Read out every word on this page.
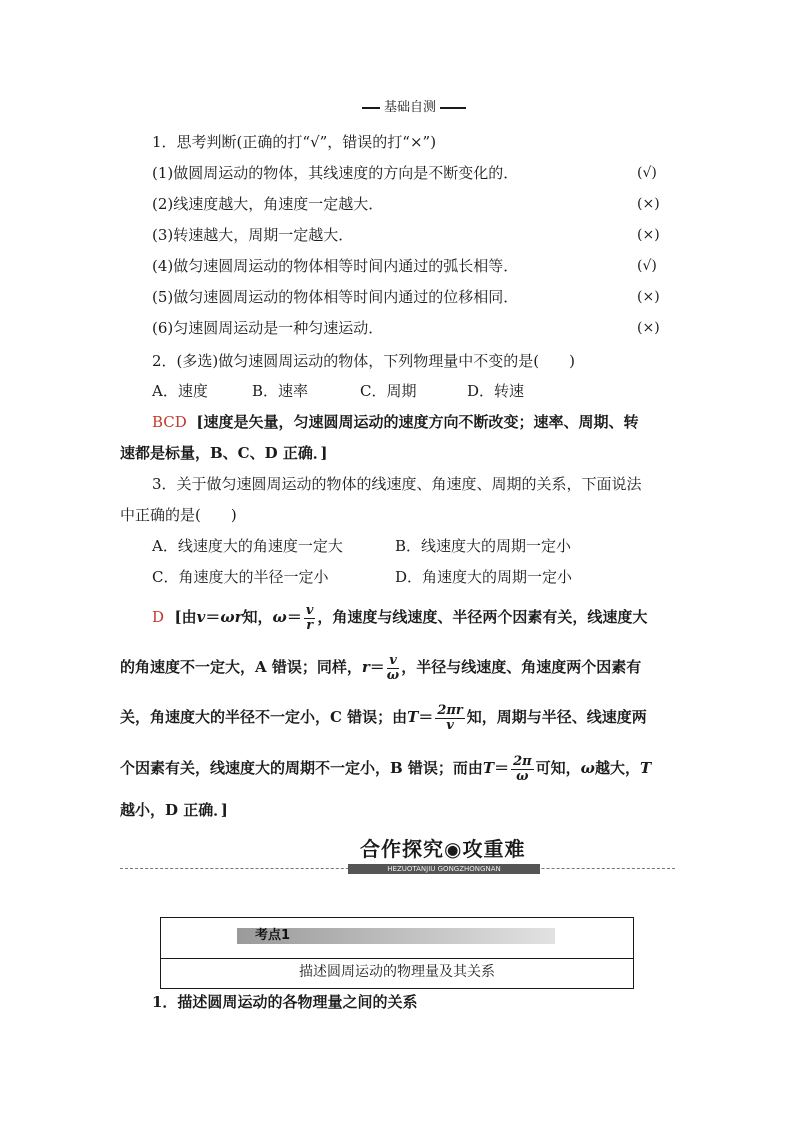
基础自测
1．思考判断(正确的打“√”，错误的打“×”)
(1)做圆周运动的物体，其线速度的方向是不断变化的．	(√)
(2)线速度越大，角速度一定越大．	(×)
(3)转速越大，周期一定越大．	(×)
(4)做匀速圆周运动的物体相等时间内通过的弧长相等．	(√)
(5)做匀速圆周运动的物体相等时间内通过的位移相同．	(×)
(6)匀速圆周运动是一种匀速运动．	(×)
2．(多选)做匀速圆周运动的物体，下列物理量中不变的是(　　)
A．速度	B．速率	C．周期	D．转速
BCD [速度是矢量，匀速圆周运动的速度方向不断改变；速率、周期、转
速都是标量，B、C、D 正确．]
3．关于做匀速圆周运动的物体的线速度、角速度、周期的关系，下面说法
中正确的是(　　)
A．线速度大的角速度一定大	B．线速度大的周期一定小
C．角速度大的半径一定小	D．角速度大的周期一定小
D [由v＝ωr知，$\omega= \frac{v}{r}$ ，角速度与线速度、半径两个因素有关，线速度大
的角速度不一定大，A 错误；同样，$r= \frac{v}{\omega}$ ，半径与线速度、角速度两个因素有
关，角速度大的半径不一定小，C 错误；由$T= \frac{2\pi r}{v}$ 知，周期与半径、线速度两
个因素有关，线速度大的周期不一定小，B 错误；而由$T= \frac{2\pi}{\omega}$ 可知，ω越大，T
越小，D 正确．]
合作探究◉攻重难
HEZUOTANJIU GONGZHONGNAN
考点1
描述圆周运动的物理量及其关系
1．描述圆周运动的各物理量之间的关系
